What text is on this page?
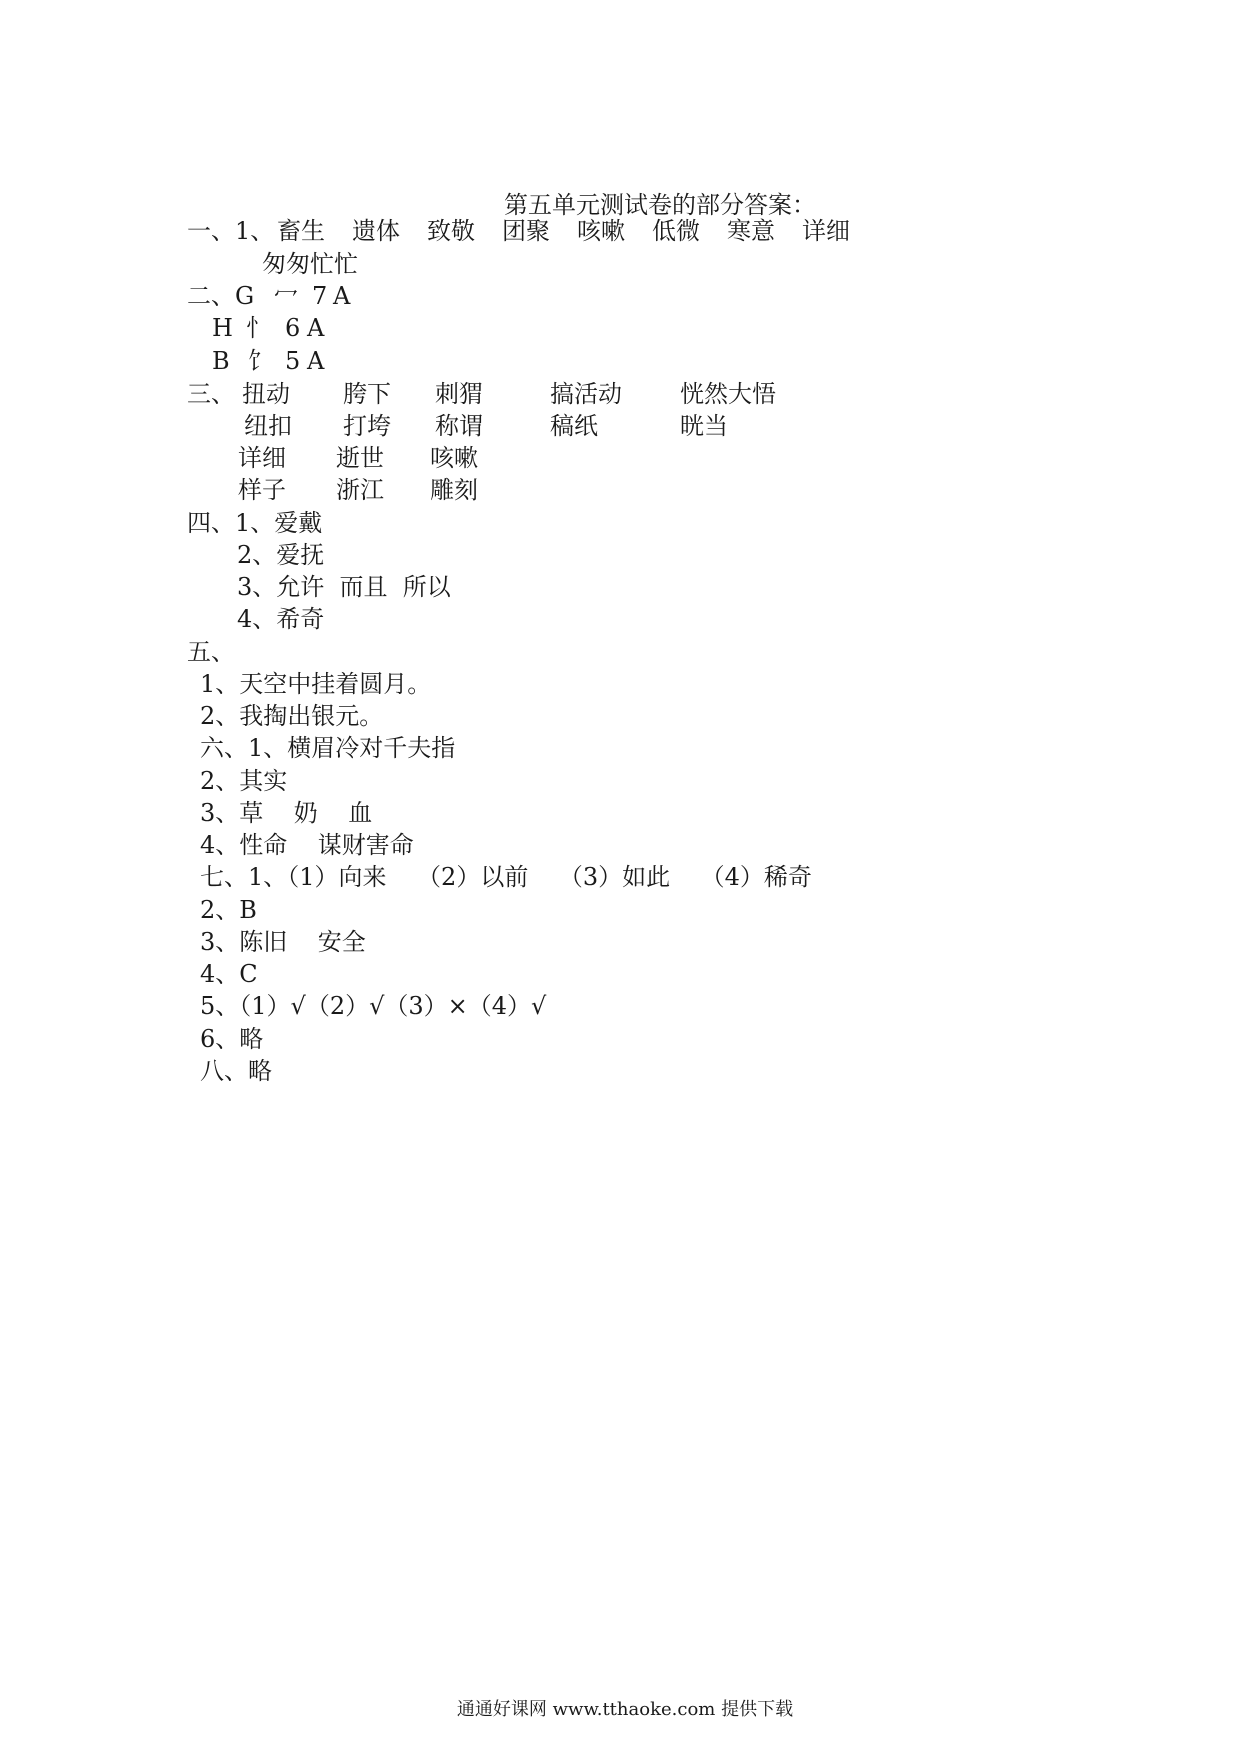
第五单元测试卷的部分答案：
一、1、 畜生 遗体 致敬 团聚 咳嗽 低微 寒意 详细
匆匆忙忙
二、G 冖 7 A
H 忄 6 A
B 饣 5 A
三、 扭动 胯下 刺猬	搞活动 恍然大悟
纽扣 打垮 称谓	稿纸	晄当
详细 逝世 咳嗽
样子 浙江 雕刻
四、1、爱戴
2、爱抚
3、允许  而且  所以
4、希奇
五、
1、天空中挂着圆月。
2、我掏出银元。
六、1、横眉冷对千夫指
2、其实
3、草    奶    血
4、性命    谋财害命
七、1、（1）向来    （2）以前    （3）如此    （4）稀奇
2、B
3、陈旧    安全
4、C
5、（1）√（2）√（3）×（4）√
6、略
八、略
通通好课网 www.tthaoke.com 提供下载
